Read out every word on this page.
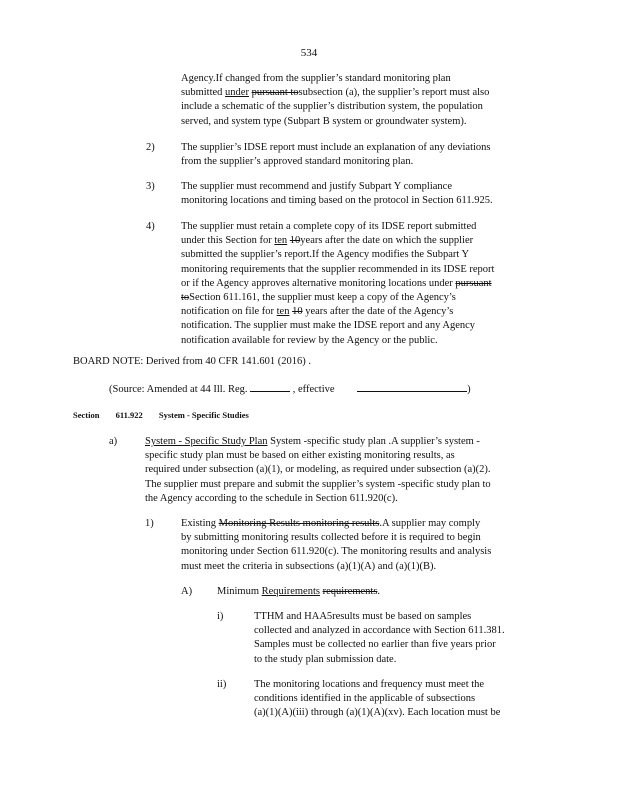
534
Agency.If changed from the supplier’s standard monitoring plan
submitted under pursuant tosubsection (a), the supplier’s report must also
include a schematic of the supplier’s distribution system, the population
served, and system type (Subpart B system or groundwater system).
2)	The supplier’s IDSE report must include an explanation of any deviations
from the supplier’s approved standard monitoring plan.
3)	The supplier must recommend and justify Subpart Y compliance
monitoring locations and timing based on the protocol in Section 611.925.
4)	The supplier must retain a complete copy of its IDSE report submitted
under this Section for ten 10years after the date on which the supplier
submitted the supplier’s report.If the Agency modifies the Subpart Y
monitoring requirements that the supplier recommended in its IDSE report
or if the Agency approves alternative monitoring locations under pursuant
toSection 611.161, the supplier must keep a copy of the Agency’s
notification on file for ten 10 years after the date of the Agency’s
notification. The supplier must make the IDSE report and any Agency
notification available for review by the Agency or the public.
BOARD NOTE: Derived from 40 CFR 141.601 (2016) .
(Source: Amended at 44 Ill. Reg.	, effective	)
Section 611.922 System - Specific Studies
a)	System - Specific Study Plan System -specific study plan .A supplier’s system -
specific study plan must be based on either existing monitoring results, as
required under subsection (a)(1), or modeling, as required under subsection (a)(2).
The supplier must prepare and submit the supplier’s system -specific study plan to
the Agency according to the schedule in Section 611.920(c).
1)	Existing Monitoring Results monitoring results.A supplier may comply
by submitting monitoring results collected before it is required to begin
monitoring under Section 611.920(c). The monitoring results and analysis
must meet the criteria in subsections (a)(1)(A) and (a)(1)(B).
A) Minimum Requirements requirements.
i)	TTHM and HAA5results must be based on samples
collected and analyzed in accordance with Section 611.381.
Samples must be collected no earlier than five years prior
to the study plan submission date.
ii)	The monitoring locations and frequency must meet the
conditions identified in the applicable of subsections
(a)(1)(A)(iii) through (a)(1)(A)(xv). Each location must be
